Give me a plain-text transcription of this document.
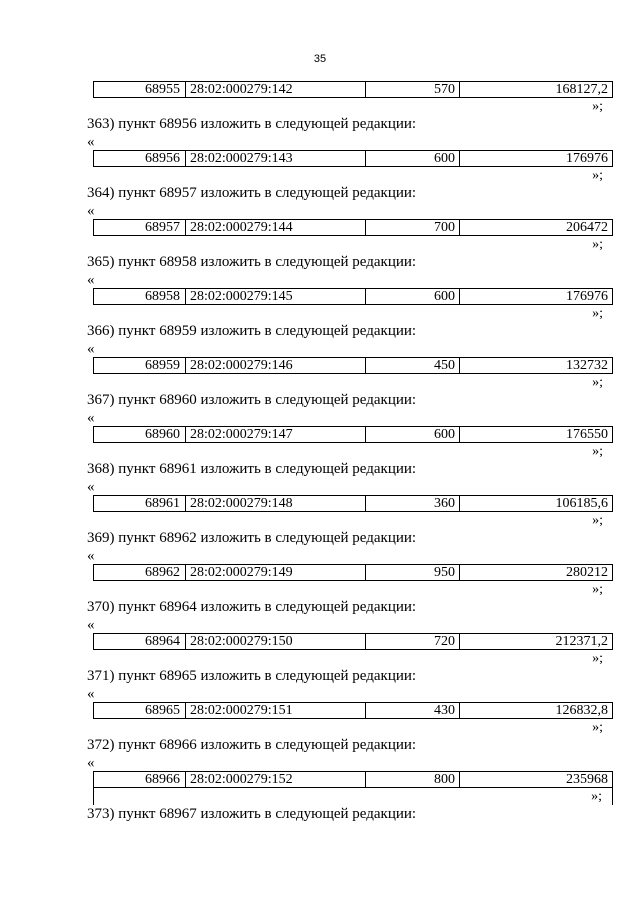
35
68955 28:02:000279:142	570	168127,2
»;
363) пункт 68956 изложить в следующей редакции:
«
68956 28:02:000279:143	600	176976
»;
364) пункт 68957 изложить в следующей редакции:
«
68957 28:02:000279:144	700	206472
»;
365) пункт 68958 изложить в следующей редакции:
«
68958 28:02:000279:145	600	176976
»;
366) пункт 68959 изложить в следующей редакции:
«
68959 28:02:000279:146	450	132732
»;
367) пункт 68960 изложить в следующей редакции:
«
68960 28:02:000279:147	600	176550
»;
368) пункт 68961 изложить в следующей редакции:
«
68961 28:02:000279:148	360	106185,6
»;
369) пункт 68962 изложить в следующей редакции:
«
68962 28:02:000279:149	950	280212
»;
370) пункт 68964 изложить в следующей редакции:
«
68964 28:02:000279:150	720	212371,2
»;
371) пункт 68965 изложить в следующей редакции:
«
68965 28:02:000279:151	430	126832,8
»;
372) пункт 68966 изложить в следующей редакции:
«
68966 28:02:000279:152	800	235968
»;
373) пункт 68967 изложить в следующей редакции:
